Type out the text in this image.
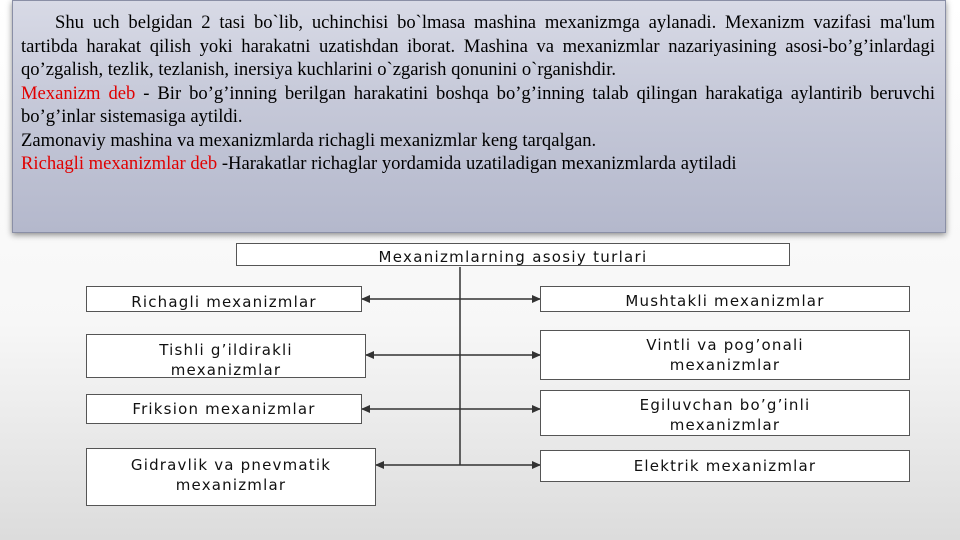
Shu uch belgidan 2 tasi bo`lib, uchinchisi bo`lmasa mashina mexanizmga aylanadi. Mexanizm vazifasi ma'lum tartibda harakat qilish yoki harakatni uzatishdan iborat. Mashina va mexanizmlar nazariyasining asosi-bo’g’inlardagi qo’zgalish, tezlik, tezlanish, inersiya kuchlarini o`zgarish qonunini o`rganishdir.

Mexanizm deb - Bir bo’g’inning berilgan harakatini boshqa bo’g’inning talab qilingan harakatiga aylantirib beruvchi bo’g’inlar sistemasiga aytildi.

Zamonaviy mashina va mexanizmlarda richagli mexanizmlar keng tarqalgan.

Richagli mexanizmlar deb -Harakatlar richaglar yordamida uzatiladigan mexanizmlarda aytiladi

Mexanizmlarning asosiy turlari
Richagli mexanizmlar
Tishli g’ildirakli
mexanizmlar
Friksion mexanizmlar
Gidravlik va pnevmatik
mexanizmlar
Mushtakli mexanizmlar
Vintli va pog’onali
mexanizmlar
Egiluvchan bo’g’inli
mexanizmlar
Elektrik mexanizmlar
